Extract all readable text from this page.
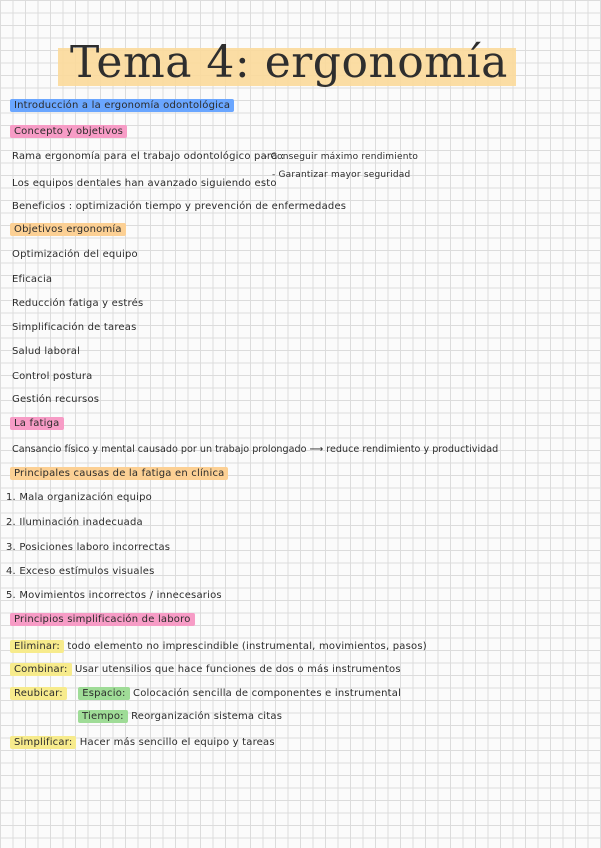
Tema 4: ergonomía
Introducción a la ergonomía odontológica
Concepto y objetivos
Rama ergonomía para el trabajo odontológico para :
- Conseguir máximo rendimiento
- Garantizar mayor seguridad
Los equipos dentales han avanzado siguiendo esto
Beneficios : optimización tiempo y prevención de enfermedades
Objetivos ergonomía
Optimización del equipo
Eficacia
Reducción fatiga y estrés
Simplificación de tareas
Salud laboral
Control postura
Gestión recursos
La fatiga
Cansancio físico y mental causado por un trabajo prolongado ⟶ reduce rendimiento y productividad
Principales causas de la fatiga en clínica
1. Mala organización equipo
2. Iluminación inadecuada
3. Posiciones laboro incorrectas
4. Exceso estímulos visuales
5. Movimientos incorrectos / innecesarios
Principios simplificación de laboro
Eliminar: todo elemento no imprescindible (instrumental, movimientos, pasos)
Combinar: Usar utensilios que hace funciones de dos o más instrumentos
Reubicar: Espacio: Colocación sencilla de componentes e instrumental
Tiempo: Reorganización sistema citas
Simplificar: Hacer más sencillo el equipo y tareas
